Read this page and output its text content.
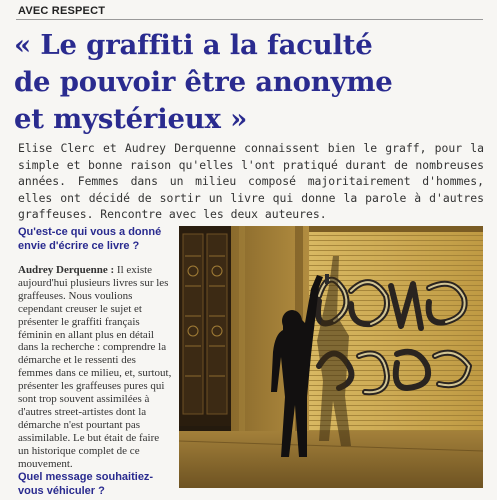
AVEC RESPECT
« Le graffiti a la faculté
de pouvoir être anonyme
et mystérieux »
Elise Clerc et Audrey Derquenne connaissent bien le graff, pour la simple et bonne raison qu'elles l'ont pratiqué durant de nombreuses années. Femmes dans un milieu composé majoritairement d'hommes, elles ont décidé de sortir un livre qui donne la parole à d'autres graffeuses. Rencontre avec les deux auteures.
Qu'est-ce qui vous a donné envie d'écrire ce livre ?
Audrey Derquenne : Il existe aujourd'hui plusieurs livres sur les graffeuses. Nous voulions cependant creuser le sujet et présenter le graffiti français féminin en allant plus en détail dans la recherche : comprendre la démarche et le ressenti des femmes dans ce milieu, et, surtout, présenter les graffeuses pures qui sont trop souvent assimilées à d'autres street-artistes dont la démarche n'est pourtant pas assimilable. Le but était de faire un historique complet de ce mouvement.
Quel message souhaitiez-vous véhiculer ?
